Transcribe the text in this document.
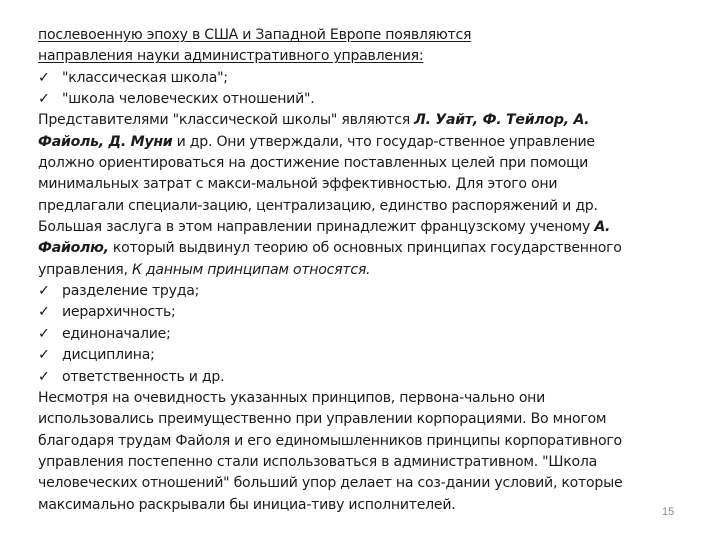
послевоенную эпоху в США и Западной Европе появляются
направления науки административного управления:
✓ "классическая школа";
✓ "школа человеческих отношений".
Представителями "классической школы" являются Л. Уайт, Ф. Тейлор, А.
Файоль, Д. Муни и др. Они утверждали, что государ-ственное управление
должно ориентироваться на достижение поставленных целей при помощи
минимальных затрат с макси-мальной эффективностью. Для этого они
предлагали специали-зацию, централизацию, единство распоряжений и др.
Большая заслуга в этом направлении принадлежит французскому ученому А.
Файолю, который выдвинул теорию об основных принципах государственного
управления, К данным принципам относятся.
✓ разделение труда;
✓ иерархичность;
✓ единоначалие;
✓ дисциплина;
✓ ответственность и др.
Несмотря на очевидность указанных принципов, первона-чально они
использовались преимущественно при управлении корпорациями. Во многом
благодаря трудам Файоля и его единомышленников принципы корпоративного
управления постепенно стали использоваться в административном. "Школа
человеческих отношений" больший упор делает на соз-дании условий, которые
максимально раскрывали бы инициа-тиву исполнителей.	15
